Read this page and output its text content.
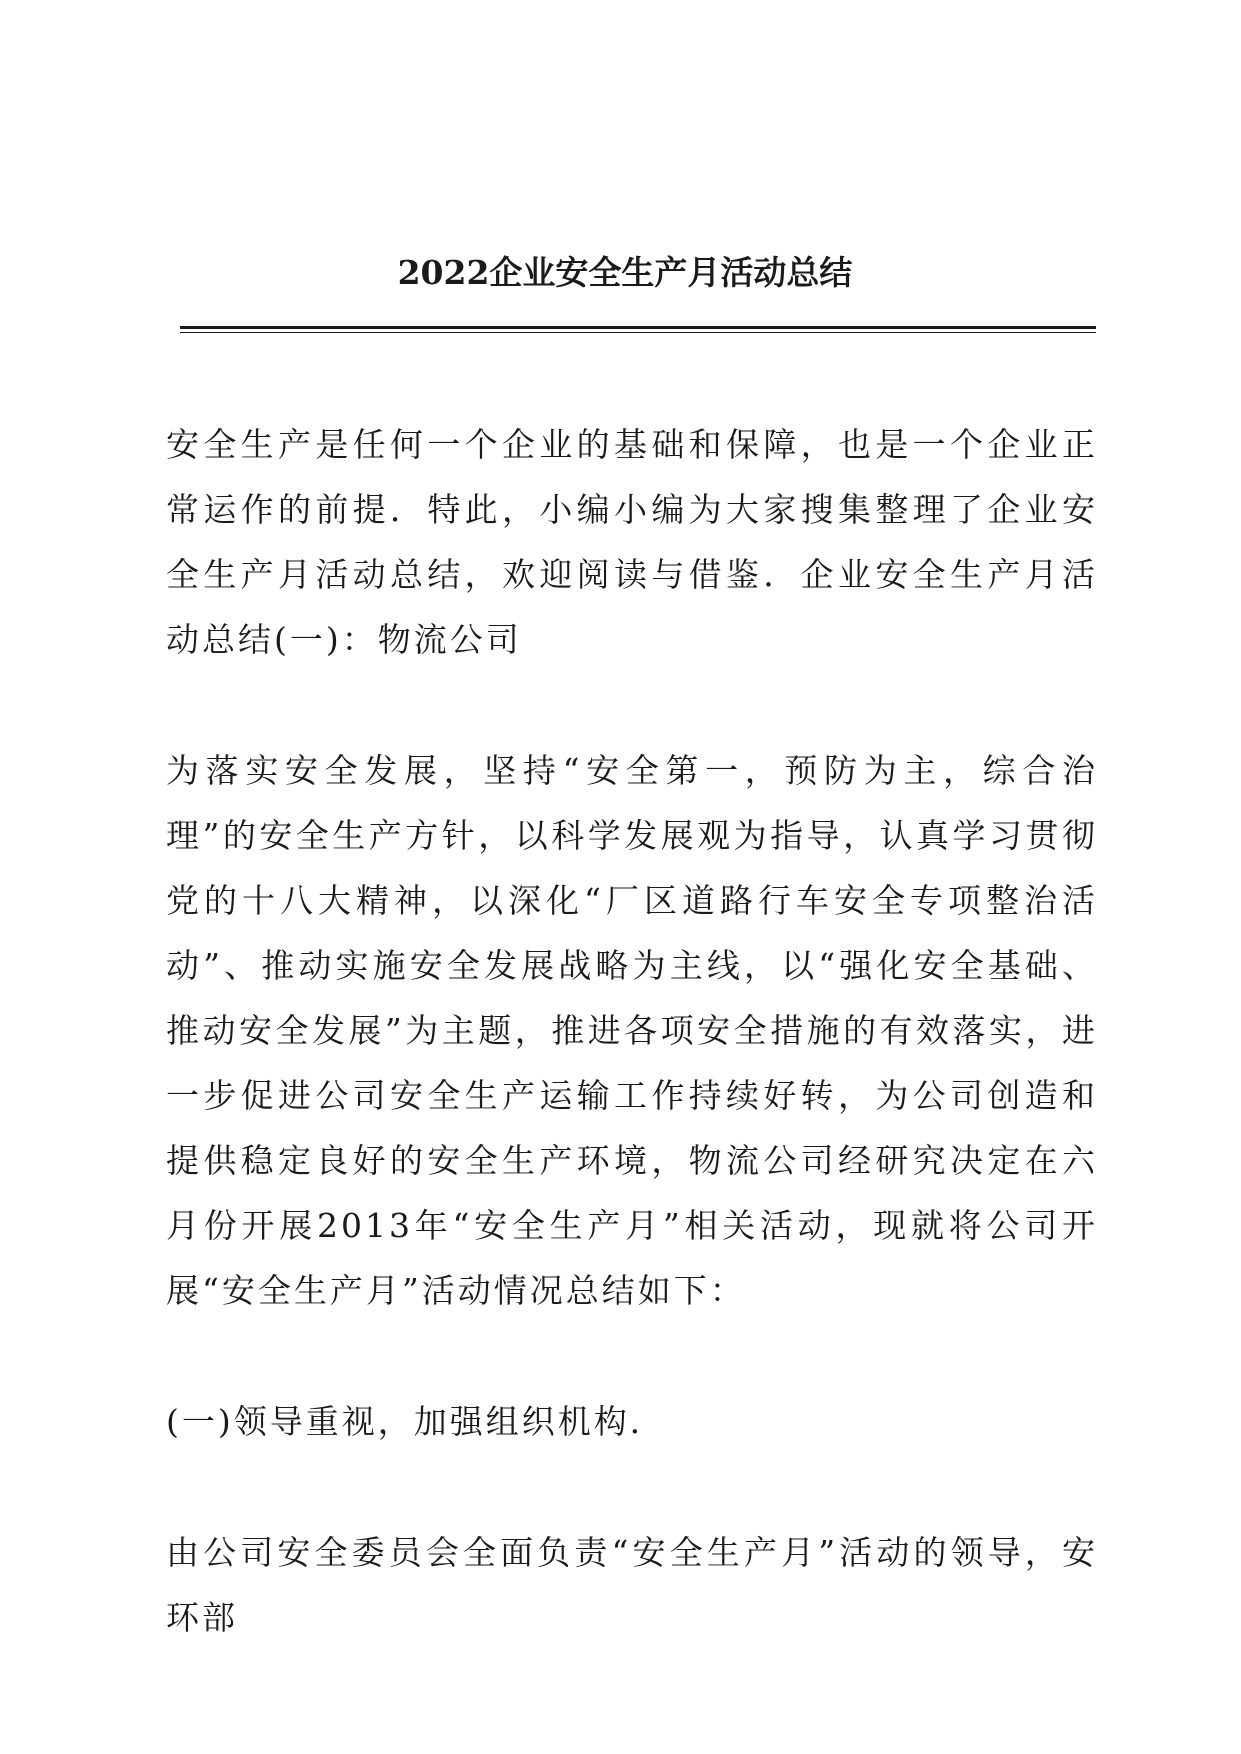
2022企业安全生产月活动总结

安全生产是任何一个企业的基础和保障，也是一个企业正常运作的前提．特此，小编小编为大家搜集整理了企业安全生产月活动总结，欢迎阅读与借鉴．企业安全生产月活动总结(一)：物流公司

为落实安全发展，坚持“安全第一，预防为主，综合治理”的安全生产方针，以科学发展观为指导，认真学习贯彻党的十八大精神，以深化“厂区道路行车安全专项整治活动”、推动实施安全发展战略为主线，以“强化安全基础、推动安全发展”为主题，推进各项安全措施的有效落实，进一步促进公司安全生产运输工作持续好转，为公司创造和提供稳定良好的安全生产环境，物流公司经研究决定在六月份开展2013年“安全生产月”相关活动，现就将公司开展“安全生产月”活动情况总结如下：

(一)领导重视，加强组织机构．

由公司安全委员会全面负责“安全生产月”活动的领导，安环部
